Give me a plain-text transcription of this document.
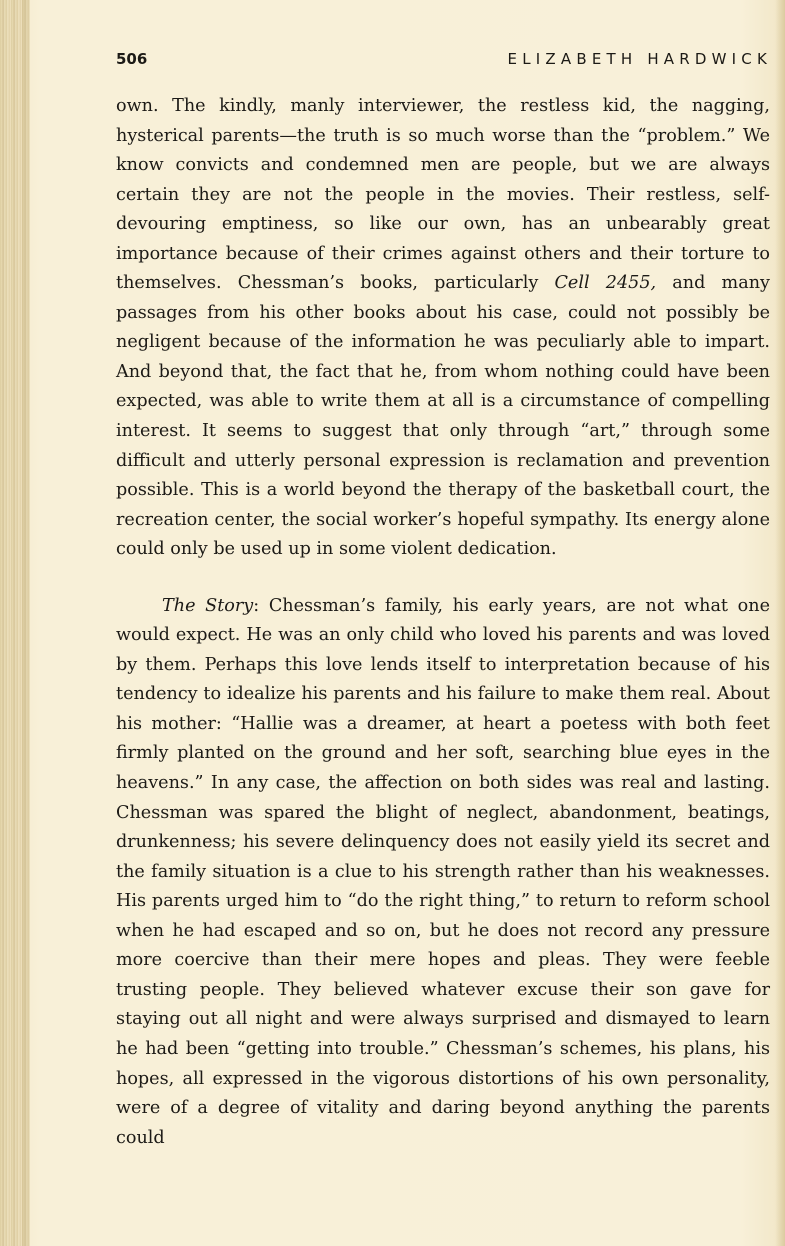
506	ELIZABETH HARDWICK

own. The kindly, manly interviewer, the restless kid, the nagging, hysterical parents—the truth is so much worse than the “problem.” We know convicts and condemned men are people, but we are always certain they are not the people in the movies. Their restless, self-devouring emptiness, so like our own, has an unbearably great importance because of their crimes against others and their torture to themselves. Chessman’s books, particularly Cell 2455, and many passages from his other books about his case, could not possibly be negligent because of the information he was peculiarly able to impart. And beyond that, the fact that he, from whom nothing could have been expected, was able to write them at all is a circumstance of compelling interest. It seems to suggest that only through “art,” through some difficult and utterly personal expression is reclamation and prevention possible. This is a world beyond the therapy of the basketball court, the recreation center, the social worker’s hopeful sympathy. Its energy alone could only be used up in some violent dedication.

The Story: Chessman’s family, his early years, are not what one would expect. He was an only child who loved his parents and was loved by them. Perhaps this love lends itself to interpretation because of his tendency to idealize his parents and his failure to make them real. About his mother: “Hallie was a dreamer, at heart a poetess with both feet firmly planted on the ground and her soft, searching blue eyes in the heavens.” In any case, the affection on both sides was real and lasting. Chessman was spared the blight of neglect, abandonment, beatings, drunkenness; his severe delinquency does not easily yield its secret and the family situation is a clue to his strength rather than his weaknesses. His parents urged him to “do the right thing,” to return to reform school when he had escaped and so on, but he does not record any pressure more coercive than their mere hopes and pleas. They were feeble trusting people. They believed whatever excuse their son gave for staying out all night and were always surprised and dismayed to learn he had been “getting into trouble.” Chessman’s schemes, his plans, his hopes, all expressed in the vigorous distortions of his own personality, were of a degree of vitality and daring beyond anything the parents could
